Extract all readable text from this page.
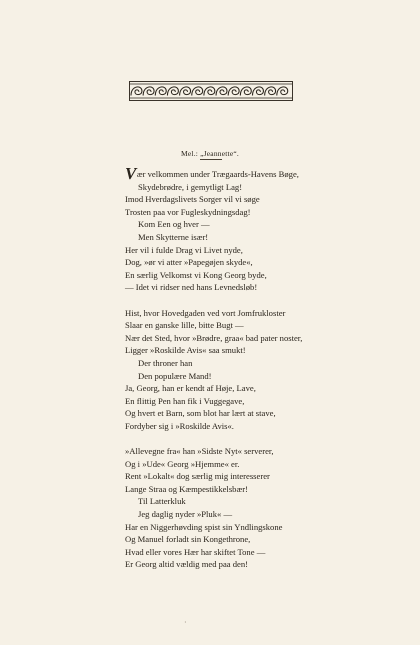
Mel.: „Jeannette“.
Vær velkommen under Trægaards-Havens Bøge,
Skydebrødre, i gemytligt Lag!
Imod Hverdagslivets Sorger vil vi søge
Trosten paa vor Fugleskydningsdag!
Kom Een og hver —
Men Skytterne især!
Her vil i fulde Drag vi Livet nyde,
Dog, »ør vi atter »Papegøjen skyde«,
En særlig Velkomst vi Kong Georg byde,
— Idet vi ridser ned hans Levnedsløb!
Hist, hvor Hovedgaden ved vort Jomfrukloster
Slaar en ganske lille, bitte Bugt —
Nær det Sted, hvor »Brødre, graa« bad pater noster,
Ligger »Roskilde Avis« saa smukt!
Der throner han
Den populære Mand!
Ja, Georg, han er kendt af Høje, Lave,
En flittig Pen han fik i Vuggegave,
Og hvert et Barn, som blot har lært at stave,
Fordyber sig i »Roskilde Avis«.
»Allevegne fra« han »Sidste Nyt« serverer,
Og i »Ude« Georg »Hjemme« er.
Rent »Lokalt« dog særlig mig interesserer
Lange Straa og Kæmpestikkelsbær!
Til Latterkluk
Jeg daglig nyder »Pluk« —
Har en Niggerhøvding spist sin Yndlingskone
Og Manuel forladt sin Kongethrone,
Hvad eller vores Hær har skiftet Tone —
Er Georg altid vældig med paa den!
·
